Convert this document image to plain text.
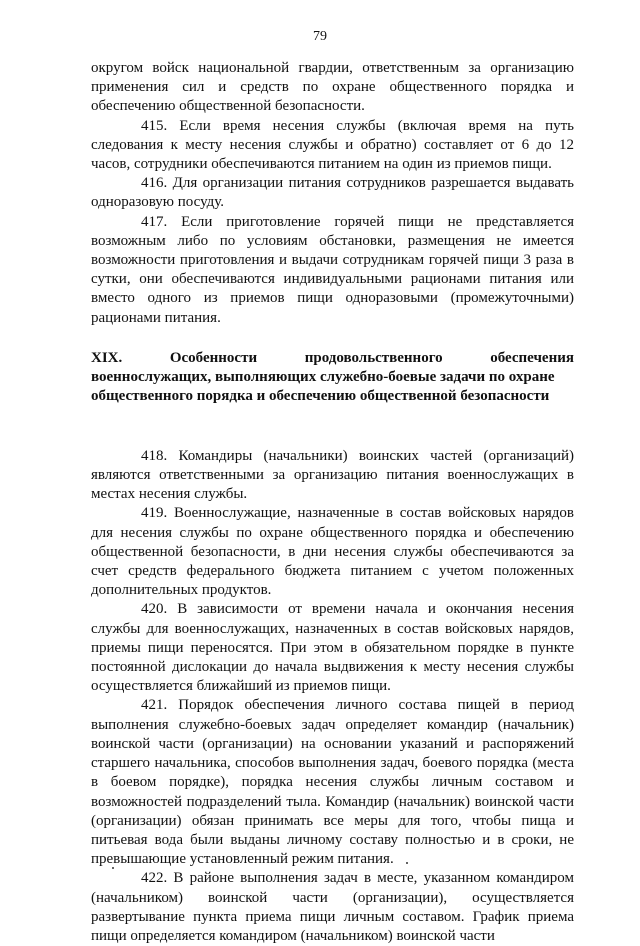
79

округом войск национальной гвардии, ответственным за организацию применения сил и средств по охране общественного порядка и обеспечению общественной безопасности.

415. Если время несения службы (включая время на путь следования к месту несения службы и обратно) составляет от 6 до 12 часов, сотрудники обеспечиваются питанием на один из приемов пищи.

416. Для организации питания сотрудников разрешается выдавать одноразовую посуду.

417. Если приготовление горячей пищи не представляется возможным либо по условиям обстановки, размещения не имеется возможности приготовления и выдачи сотрудникам горячей пищи 3 раза в сутки, они обеспечиваются индивидуальными рационами питания или вместо одного из приемов пищи одноразовыми (промежуточными) рационами питания.

XIX. Особенности продовольственного обеспечения
военнослужащих, выполняющих служебно-боевые задачи по охране
общественного порядка и обеспечению общественной безопасности

418. Командиры (начальники) воинских частей (организаций) являются ответственными за организацию питания военнослужащих в местах несения службы.

419. Военнослужащие, назначенные в состав войсковых нарядов для несения службы по охране общественного порядка и обеспечению общественной безопасности, в дни несения службы обеспечиваются за счет средств федерального бюджета питанием с учетом положенных дополнительных продуктов.

420. В зависимости от времени начала и окончания несения службы для военнослужащих, назначенных в состав войсковых нарядов, приемы пищи переносятся. При этом в обязательном порядке в пункте постоянной дислокации до начала выдвижения к месту несения службы осуществляется ближайший из приемов пищи.

421. Порядок обеспечения личного состава пищей в период выполнения служебно-боевых задач определяет командир (начальник) воинской части (организации) на основании указаний и распоряжений старшего начальника, способов выполнения задач, боевого порядка (места в боевом порядке), порядка несения службы личным составом и возможностей подразделений тыла. Командир (начальник) воинской части (организации) обязан принимать все меры для того, чтобы пища и питьевая вода были выданы личному составу полностью и в сроки, не превышающие установленный режим питания.

422. В районе выполнения задач в месте, указанном командиром (начальником) воинской части (организации), осуществляется развертывание пункта приема пищи личным составом. График приема пищи определяется командиром (начальником) воинской части
